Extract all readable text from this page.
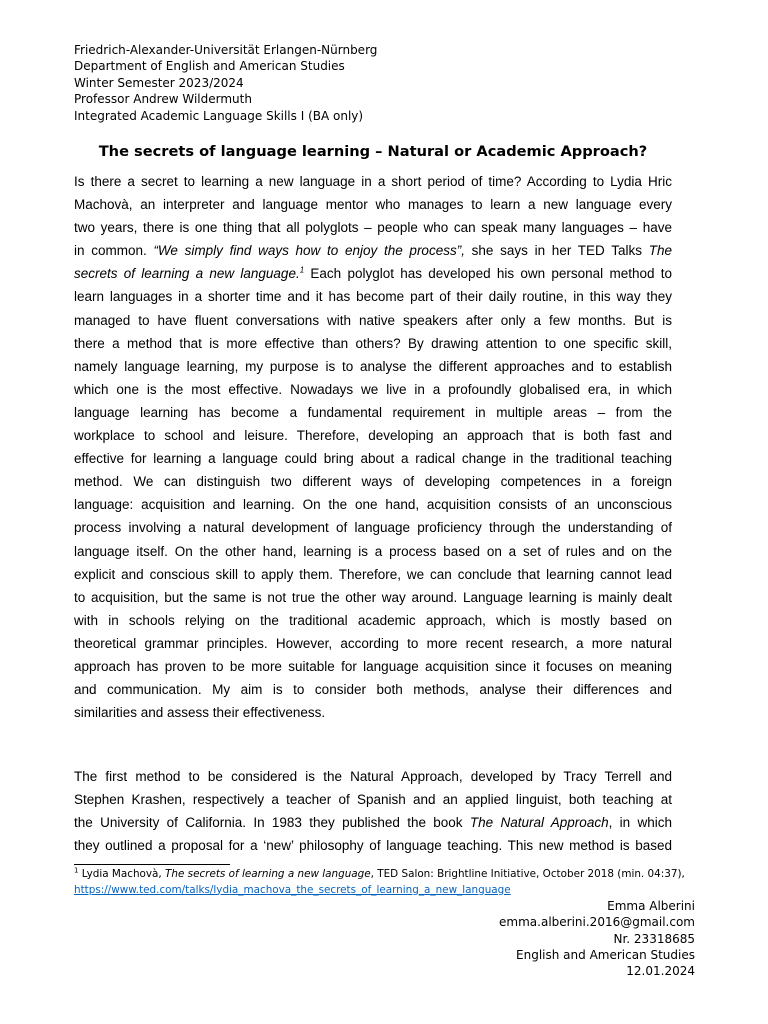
Friedrich-Alexander-Universität Erlangen-Nürnberg
Department of English and American Studies
Winter Semester 2023/2024
Professor Andrew Wildermuth
Integrated Academic Language Skills I (BA only)
The secrets of language learning – Natural or Academic Approach?
Is there a secret to learning a new language in a short period of time? According to Lydia Hric
Machovà, an interpreter and language mentor who manages to learn a new language every
two years, there is one thing that all polyglots – people who can speak many languages – have
in common. “We simply find ways how to enjoy the process”, she says in her TED Talks The
secrets of learning a new language.$^1$ Each polyglot has developed his own personal method to
learn languages in a shorter time and it has become part of their daily routine, in this way they
managed to have fluent conversations with native speakers after only a few months. But is
there a method that is more effective than others? By drawing attention to one specific skill,
namely language learning, my purpose is to analyse the different approaches and to establish
which one is the most effective. Nowadays we live in a profoundly globalised era, in which
language learning has become a fundamental requirement in multiple areas – from the
workplace to school and leisure. Therefore, developing an approach that is both fast and
effective for learning a language could bring about a radical change in the traditional teaching
method. We can distinguish two different ways of developing competences in a foreign
language: acquisition and learning. On the one hand, acquisition consists of an unconscious
process involving a natural development of language proficiency through the understanding of
language itself. On the other hand, learning is a process based on a set of rules and on the
explicit and conscious skill to apply them. Therefore, we can conclude that learning cannot lead
to acquisition, but the same is not true the other way around. Language learning is mainly dealt
with in schools relying on the traditional academic approach, which is mostly based on
theoretical grammar principles. However, according to more recent research, a more natural
approach has proven to be more suitable for language acquisition since it focuses on meaning
and communication. My aim is to consider both methods, analyse their differences and
similarities and assess their effectiveness.
The first method to be considered is the Natural Approach, developed by Tracy Terrell and
Stephen Krashen, respectively a teacher of Spanish and an applied linguist, both teaching at
the University of California. In 1983 they published the book The Natural Approach, in which
they outlined a proposal for a ‘new’ philosophy of language teaching. This new method is based
$^1$ Lydia Machovà, The secrets of learning a new language, TED Salon: Brightline Initiative, October 2018 (min. 04:37),
https://www.ted.com/talks/lydia_machova_the_secrets_of_learning_a_new_language
Emma Alberini
emma.alberini.2016@gmail.com
Nr. 23318685
English and American Studies
12.01.2024
